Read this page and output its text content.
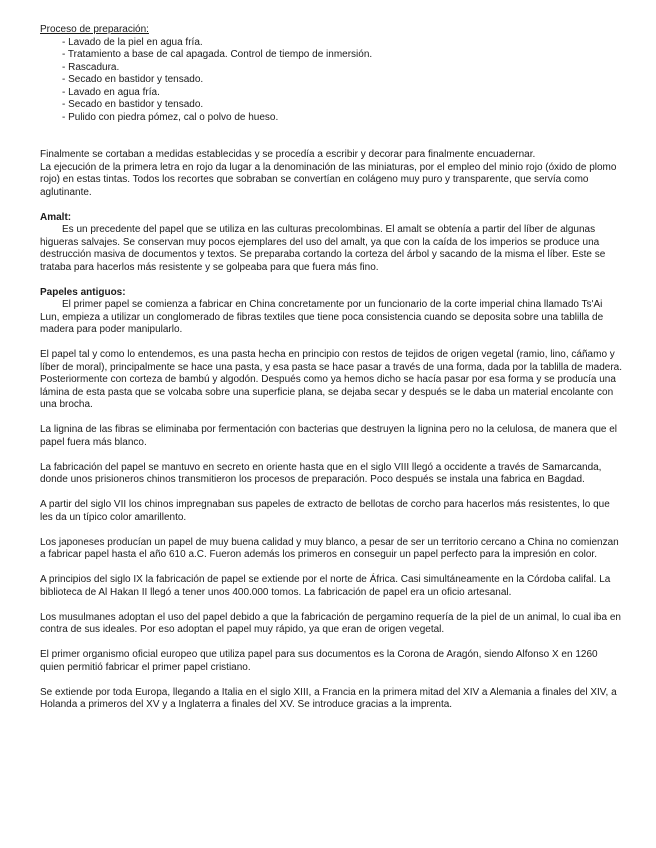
Proceso de preparación:

- Lavado de la piel en agua fría.
- Tratamiento a base de cal apagada. Control de tiempo de inmersión.
- Rascadura.
- Secado en bastidor y tensado.
- Lavado en agua fría.
- Secado en bastidor y tensado.
- Pulido con piedra pómez, cal o polvo de hueso.

Finalmente se cortaban a medidas establecidas y se procedía a escribir y decorar para finalmente encuadernar.

La ejecución de la primera letra en rojo da lugar a la denominación de las miniaturas, por el empleo del minio rojo (óxido de plomo rojo) en estas tintas. Todos los recortes que sobraban se convertían en colágeno muy puro y transparente, que servía como aglutinante.

Amalt:

Es un precedente del papel que se utiliza en las culturas precolombinas. El amalt se obtenía a partir del líber de algunas higueras salvajes. Se conservan muy pocos ejemplares del uso del amalt, ya que con la caída de los imperios se produce una destrucción masiva de documentos y textos. Se preparaba cortando la corteza del árbol y sacando de la misma el líber. Este se trataba para hacerlos más resistente y se golpeaba para que fuera más fino.

Papeles antiguos:

El primer papel se comienza a fabricar en China concretamente por un funcionario de la corte imperial china llamado Ts'Ai Lun, empieza a utilizar un conglomerado de fibras textiles que tiene poca consistencia cuando se deposita sobre una tablilla de madera para poder manipularlo.

El papel tal y como lo entendemos, es una pasta hecha en principio con restos de tejidos de origen vegetal (ramio, lino, cáñamo y líber de moral), principalmente se hace una pasta, y esa pasta se hace pasar a través de una forma, dada por la tablilla de madera. Posteriormente con corteza de bambú y algodón. Después como ya hemos dicho se hacía pasar por esa forma y se producía una lámina de esta pasta que se volcaba sobre una superficie plana, se dejaba secar y después se le daba un material encolante con una brocha.

La lignina de las fibras se eliminaba por fermentación con bacterias que destruyen la lignina pero no la celulosa, de manera que el papel fuera más blanco.

La fabricación del papel se mantuvo en secreto en oriente hasta que en el siglo VIII llegó a occidente a través de Samarcanda, donde unos prisioneros chinos transmitieron los procesos de preparación. Poco después se instala una fabrica en Bagdad.

A partir del siglo VII los chinos impregnaban sus papeles de extracto de bellotas de corcho para hacerlos más resistentes, lo que les da un típico color amarillento.

Los japoneses producían un papel de muy buena calidad y muy blanco, a pesar de ser un territorio cercano a China no comienzan a fabricar papel hasta el año 610 a.C. Fueron además los primeros en conseguir un papel perfecto para la impresión en color.

A principios del siglo IX la fabricación de papel se extiende por el norte de África. Casi simultáneamente en la Córdoba califal. La biblioteca de Al Hakan II llegó a tener unos 400.000 tomos. La fabricación de papel era un oficio artesanal.

Los musulmanes adoptan el uso del papel debido a que la fabricación de pergamino requería de la piel de un animal, lo cual iba en contra de sus ideales. Por eso adoptan el papel muy rápido, ya que eran de origen vegetal.

El primer organismo oficial europeo que utiliza papel para sus documentos es la Corona de Aragón, siendo Alfonso X en 1260 quien permitió fabricar el primer papel cristiano.

Se extiende por toda Europa, llegando a Italia en el siglo XIII, a Francia en la primera mitad del XIV a Alemania a finales del XIV, a Holanda a primeros del XV y a Inglaterra a finales del XV. Se introduce gracias a la imprenta.
